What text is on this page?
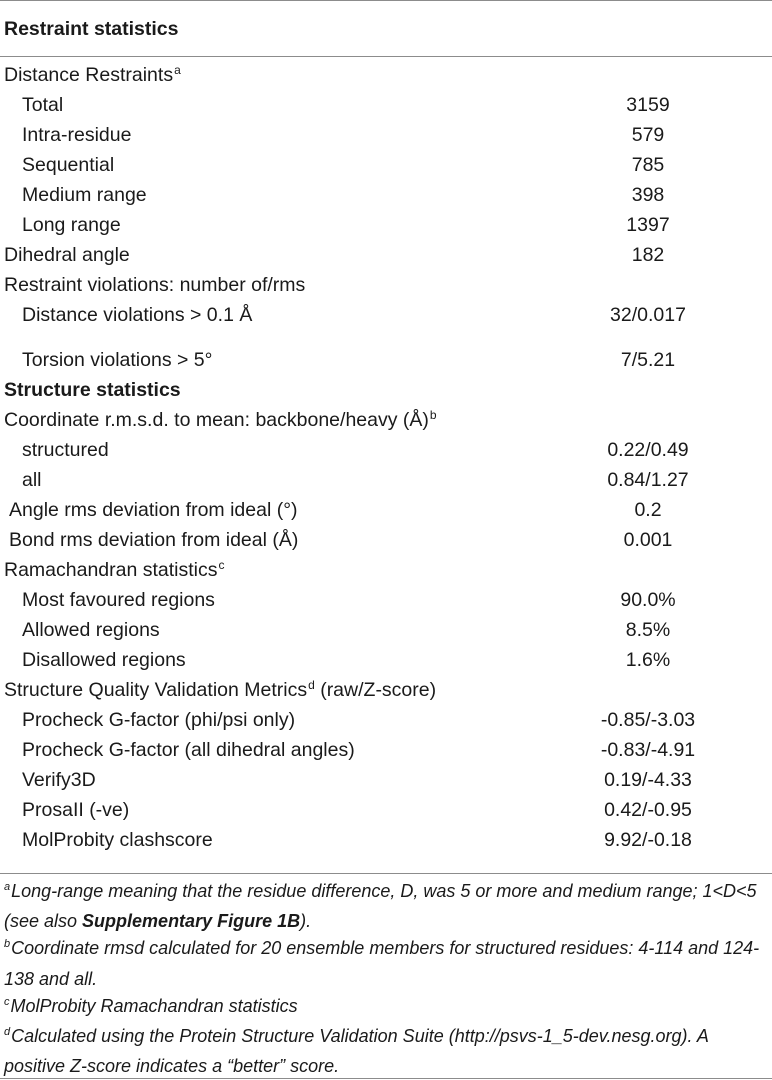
Restraint statistics
Distance Restraints$^a$
Total	3159
Intra-residue	579
Sequential	785
Medium range	398
Long range	1397
Dihedral angle	182
Restraint violations: number of/rms
Distance violations > 0.1 Å	32/0.017
Torsion violations > 5°	7/5.21
Structure statistics
Coordinate r.m.s.d. to mean: backbone/heavy (Å)$^b$
structured	0.22/0.49
all	0.84/1.27
Angle rms deviation from ideal (°)	0.2
Bond rms deviation from ideal (Å)	0.001
Ramachandran statistics$^c$
Most favoured regions	90.0%
Allowed regions	8.5%
Disallowed regions	1.6%
Structure Quality Validation Metrics$^d$ (raw/Z-score)
Procheck G-factor (phi/psi only)	-0.85/-3.03
Procheck G-factor (all dihedral angles)	-0.83/-4.91
Verify3D	0.19/-4.33
ProsaII (-ve)	0.42/-0.95
MolProbity clashscore	9.92/-0.18
$^a$Long-range meaning that the residue difference, D, was 5 or more and medium range; 1<D<5 (see also Supplementary Figure 1B).
$^b$Coordinate rmsd calculated for 20 ensemble members for structured residues: 4-114 and 124-138 and all.
$^c$MolProbity Ramachandran statistics
$^d$Calculated using the Protein Structure Validation Suite (http://psvs-1_5-dev.nesg.org). A positive Z-score indicates a “better” score.
